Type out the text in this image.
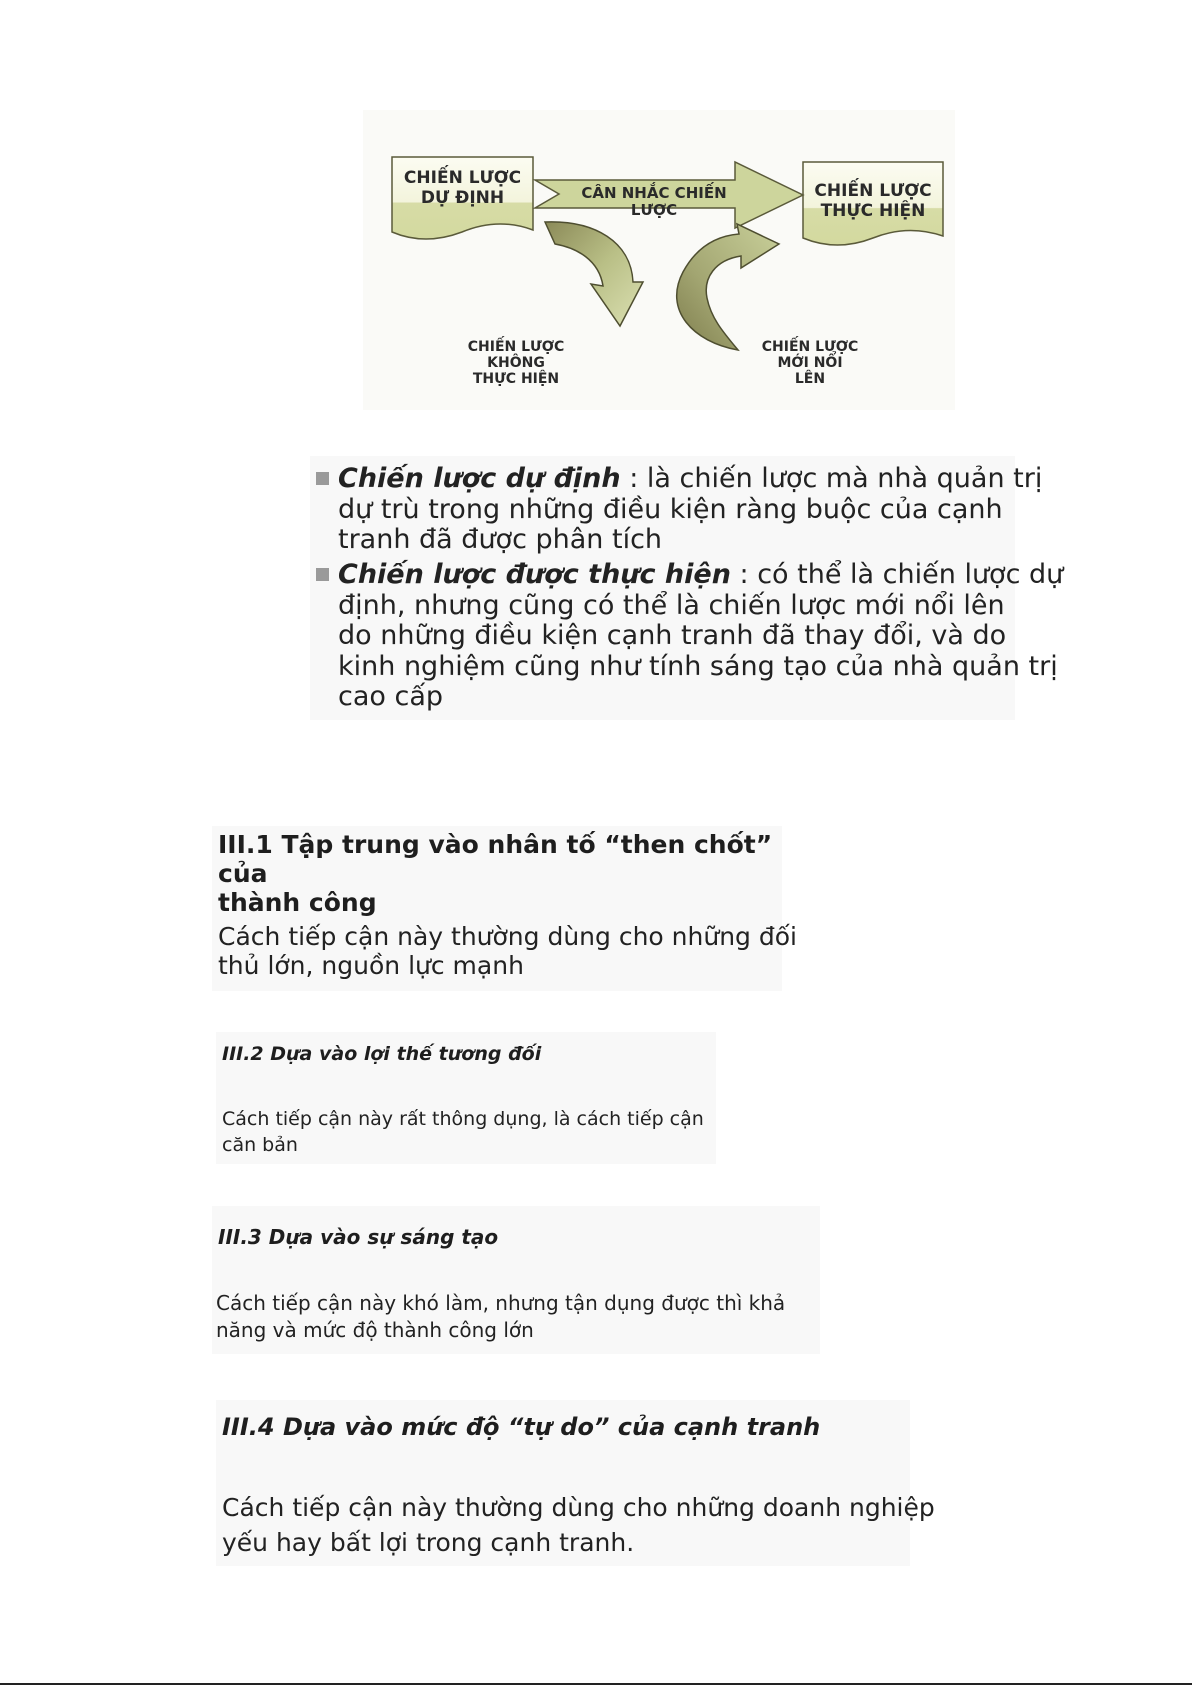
CHIẾN LƯỢC
DỰ ĐỊNH	CHIẾN LƯỢC
THỰC HIỆN
CÂN NHẮC CHIẾN LƯỢC
CHIẾN LƯỢC
KHÔNG
THỰC HIỆN
CHIẾN LƯỢC
MỚI NỔI
LÊN
Chiến lược dự định : là chiến lược mà nhà quản trị
dự trù trong những điều kiện ràng buộc của cạnh
tranh đã được phân tích
Chiến lược được thực hiện : có thể là chiến lược dự
định, nhưng cũng có thể là chiến lược mới nổi lên
do những điều kiện cạnh tranh đã thay đổi, và do
kinh nghiệm cũng như tính sáng tạo của nhà quản trị
cao cấp
III.1 Tập trung vào nhân tố “then chốt” của
thành công
Cách tiếp cận này thường dùng cho những đối
thủ lớn, nguồn lực mạnh
III.2 Dựa vào lợi thế tương đối
Cách tiếp cận này rất thông dụng, là cách tiếp cận
căn bản
III.3 Dựa vào sự sáng tạo
Cách tiếp cận này khó làm, nhưng tận dụng được thì khả
năng và mức độ thành công lớn
III.4 Dựa vào mức độ “tự do” của cạnh tranh
Cách tiếp cận này thường dùng cho những doanh nghiệp
yếu hay bất lợi trong cạnh tranh.
